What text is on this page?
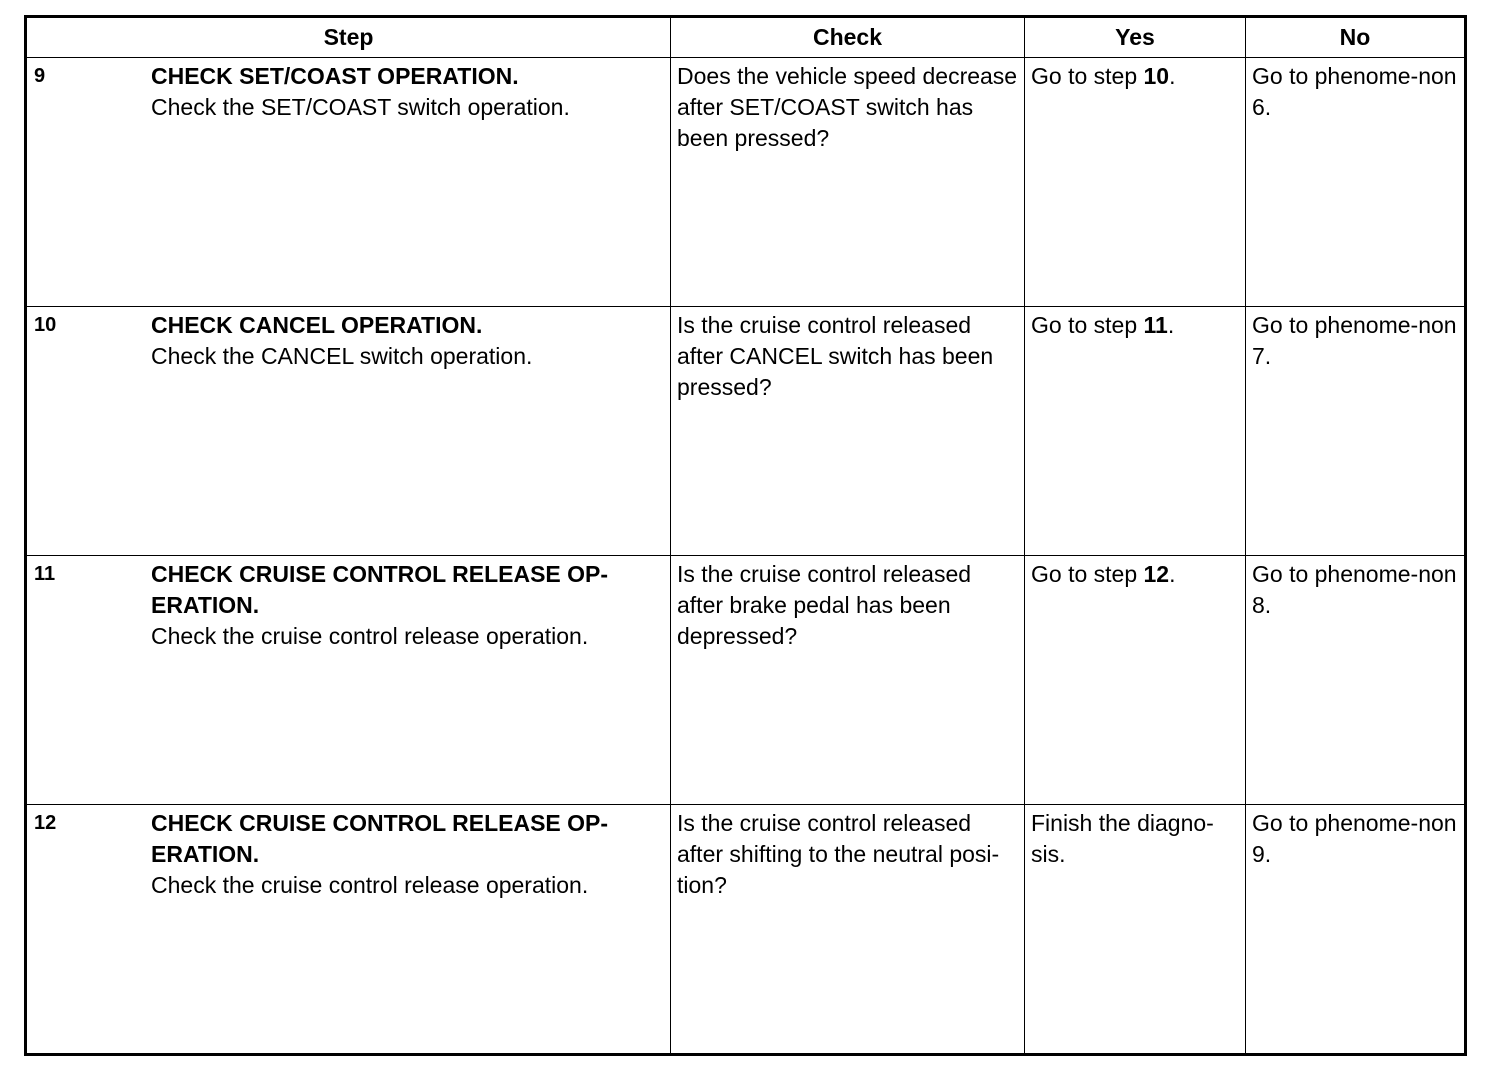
Step	Check	Yes	No

9 CHECK SET/COAST OPERATION.
Check the SET/COAST switch operation.	Does the vehicle speed decrease after SET/COAST switch has been pressed?	Go to step 10.	Go to phenome-non 6.

10 CHECK CANCEL OPERATION.
Check the CANCEL switch operation.	Is the cruise control released after CANCEL switch has been pressed?	Go to step 11.	Go to phenome-non 7.

11 CHECK CRUISE CONTROL RELEASE OP-ERATION.
Check the cruise control release operation.	Is the cruise control released after brake pedal has been depressed?	Go to step 12.	Go to phenome-non 8.

12 CHECK CRUISE CONTROL RELEASE OP-ERATION.
Check the cruise control release operation.	Is the cruise control released after shifting to the neutral posi-tion?	Finish the diagno-sis.	Go to phenome-non 9.
